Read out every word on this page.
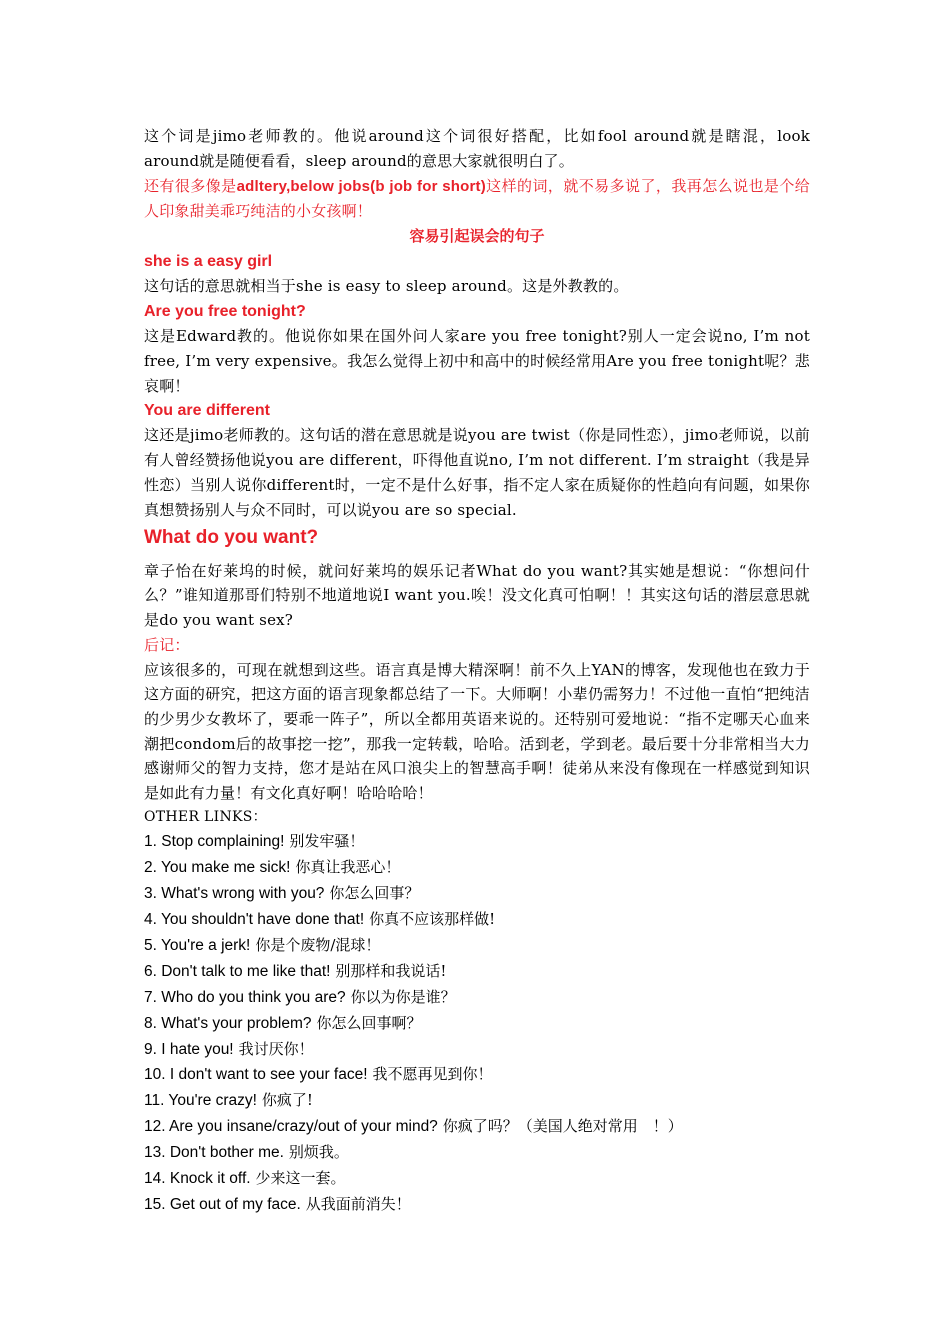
这个词是jimo老师教的。他说around这个词很好搭配，比如fool around就是瞎混，look around就是随便看看，sleep around的意思大家就很明白了。

还有很多像是adltery,below jobs(b job for short)这样的词，就不易多说了，我再怎么说也是个给人印象甜美乖巧纯洁的小女孩啊！

容易引起误会的句子

she is a easy girl

这句话的意思就相当于she is easy to sleep around。这是外教教的。

Are you free tonight?

这是Edward教的。他说你如果在国外问人家are you free tonight?别人一定会说no, I’m not free, I’m very expensive。我怎么觉得上初中和高中的时候经常用Are you free tonight呢？悲哀啊！

You are different

这还是jimo老师教的。这句话的潜在意思就是说you are twist（你是同性恋），jimo老师说，以前有人曾经赞扬他说you are different，吓得他直说no, I’m not different. I’m straight（我是异性恋）当别人说你different时，一定不是什么好事，指不定人家在质疑你的性趋向有问题，如果你真想赞扬别人与众不同时，可以说you are so special.

What do you want?

章子怡在好莱坞的时候，就问好莱坞的娱乐记者What do you want?其实她是想说：“你想问什么？”谁知道那哥们特别不地道地说I want you.唉！没文化真可怕啊！！其实这句话的潜层意思就是do you want sex?

后记：

应该很多的，可现在就想到这些。语言真是博大精深啊！前不久上YAN的博客，发现他也在致力于这方面的研究，把这方面的语言现象都总结了一下。大师啊！小辈仍需努力！不过他一直怕“把纯洁的少男少女教坏了，要乖一阵子”，所以全都用英语来说的。还特别可爱地说：“指不定哪天心血来潮把condom后的故事挖一挖”，那我一定转载，哈哈。活到老，学到老。最后要十分非常相当大力感谢师父的智力支持，您才是站在风口浪尖上的智慧高手啊！徒弟从来没有像现在一样感觉到知识是如此有力量！有文化真好啊！哈哈哈哈！

OTHER LINKS：

1. Stop complaining! 别发牢骚！
2. You make me sick! 你真让我恶心！
3. What's wrong with you? 你怎么回事？
4. You shouldn't have done that! 你真不应该那样做!
5. You're a jerk! 你是个废物/混球！
6. Don't talk to me like that! 别那样和我说话!
7. Who do you think you are? 你以为你是谁？
8. What's your problem? 你怎么回事啊？
9. I hate you! 我讨厌你！
10. I don't want to see your face! 我不愿再见到你！
11. You're crazy! 你疯了!
12. Are you insane/crazy/out of your mind? 你疯了吗？（美国人绝对常用　！）
13. Don't bother me. 别烦我。
14. Knock it off. 少来这一套。
15. Get out of my face. 从我面前消失！
